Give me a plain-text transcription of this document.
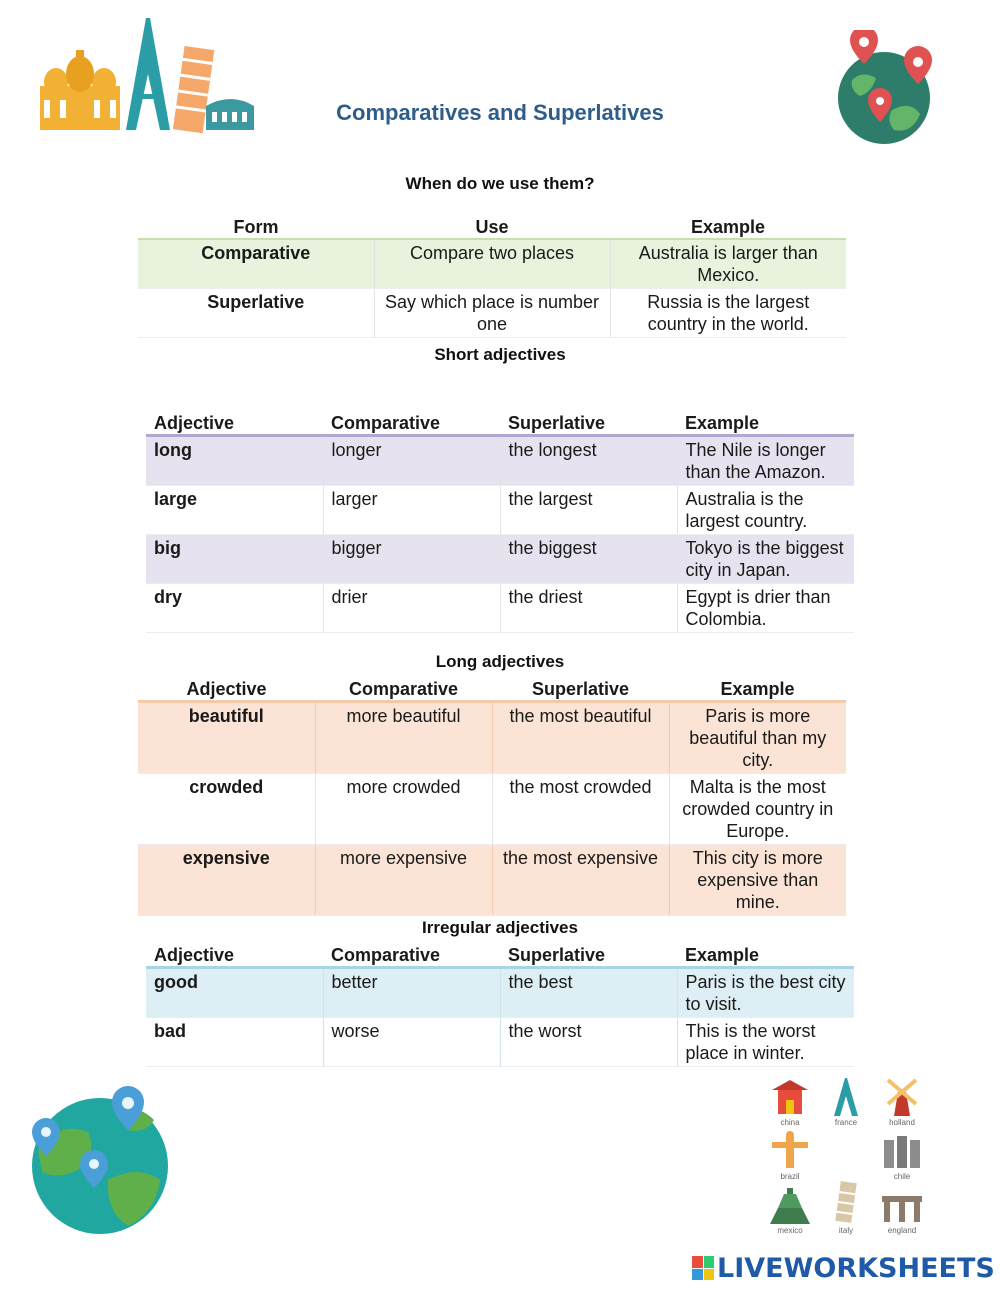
Comparatives and Superlatives
When do we use them?
Form	Use	Example
Comparative	Compare two places	Australia is larger than Mexico.
Superlative	Say which place is number one	Russia is the largest country in the world.
Short adjectives
Adjective	Comparative	Superlative	Example
long	longer	the longest	The Nile is longer than the Amazon.
large	larger	the largest	Australia is the largest country.
big	bigger	the biggest	Tokyo is the biggest city in Japan.
dry	drier	the driest	Egypt is drier than Colombia.
Long adjectives
Adjective	Comparative	Superlative	Example
beautiful	more beautiful	the most beautiful	Paris is more beautiful than my city.
crowded	more crowded	the most crowded	Malta is the most crowded country in Europe.
expensive	more expensive	the most expensive	This city is more expensive than mine.
Irregular adjectives
Adjective	Comparative	Superlative	Example
good	better	the best	Paris is the best city to visit.
bad	worse	the worst	This is the worst place in winter.
china	france	holland
brazil	chile
mexico	italy	england
LIVEWORKSHEETS
